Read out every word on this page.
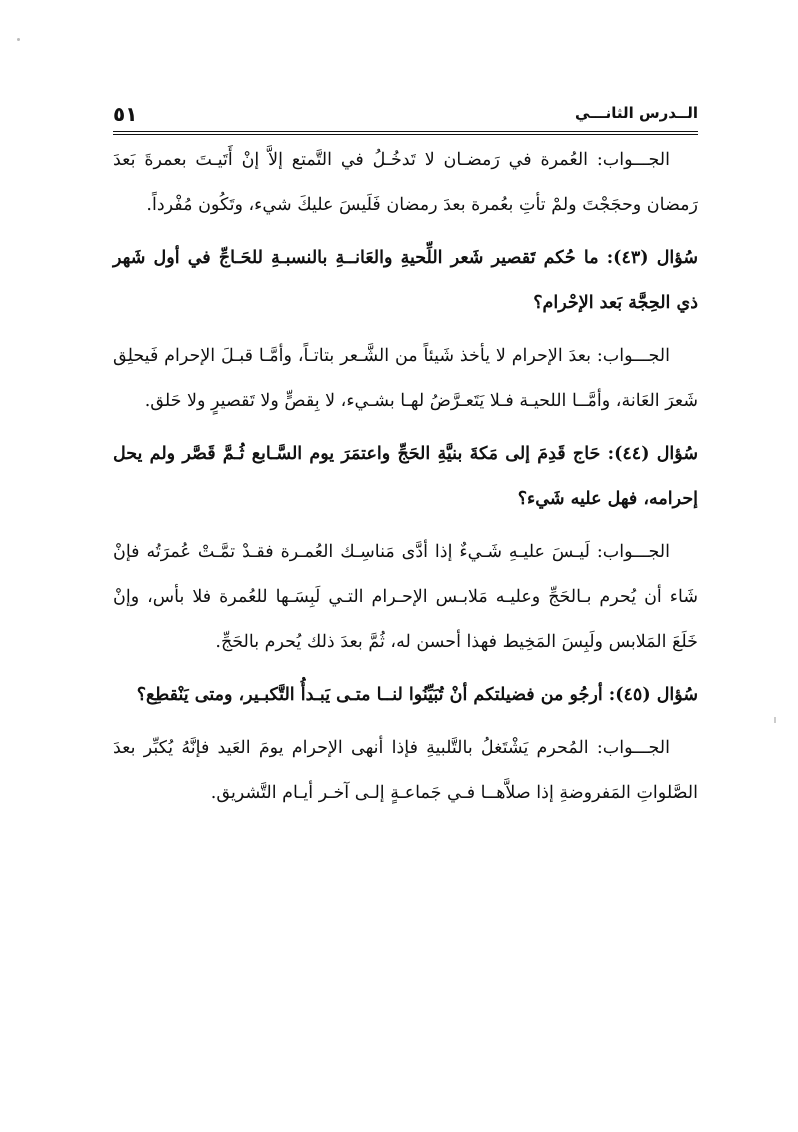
الــدرس الثانـــي
٥١

الجـــواب: العُمرة في رَمضـان لا تَدخُـلُ في التَّمتع إلاَّ إنْ أَتَيـتَ بعمرةَ بَعدَ رَمضان وحجَجْتَ ولمْ تأتِ بعُمرة بعدَ رمضان فَلَيسَ عليكَ شيء، وتَكُون مُفْرداً.

سُؤال (٤٣): ما حُكم تَقصير شَعر اللِّحيةِ والعَانــةِ بالنسبـةِ للحَـاجِّ في أول شَهر ذي الحِجَّة بَعد الإحْرام؟

الجـــواب: بعدَ الإحرام لا يأخذ شَيئاً من الشَّـعر بتاتـاً، وأمَّـا قبـلَ الإحرام فَيحلِق شَعرَ العَانة، وأمَّــا اللحيـة فـلا يَتَعـرَّضُ لهـا بشـيء، لا بِقصٍّ ولا تَقصيرٍ ولا حَلق.

سُؤال (٤٤): حَاج قَدِمَ إلى مَكةَ بنيَّةِ الحَجِّ واعتمَرَ يوم السَّـابع ثُـمَّ قَصَّر ولم يحل إحرامه، فهل عليه شَيء؟

الجـــواب: لَيـسَ عليـهِ شَـيءٌ إذا أدَّى مَناسِـك العُمـرة فقـدْ تمَّـتْ عُمرَتُه فإنْ شَاء أن يُحرم بـالحَجِّ وعليـه مَلابـس الإحـرام التـي لَبِسَـها للعُمرة فلا بأس، وإنْ خَلَعَ المَلابس ولَبِسَ المَخِيط فهذا أحسن له، ثُمَّ بعدَ ذلك يُحرم بالحَجِّ.

سُؤال (٤٥): أرجُو من فضيلتكم أنْ تُبَيِّنُوا لنــا متـى يَبـدأُ التَّكبـير، ومتى يَنْقطِع؟

الجـــواب: المُحرم يَشْتَغلُ بالتَّلبيةِ فإذا أنهى الإحرام يومَ العَيد فإنَّهُ يُكبِّر بعدَ الصَّلواتِ المَفروضةِ إذا صلاَّهــا فـي جَماعـةٍ إلـى آخـر أيـام التَّشريق.
